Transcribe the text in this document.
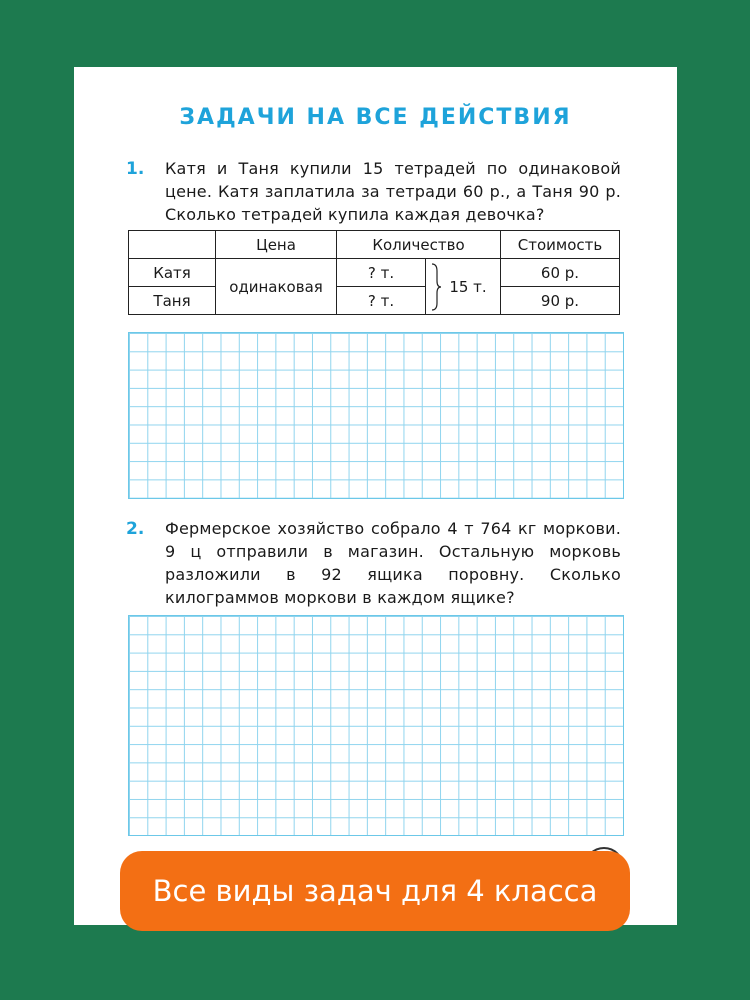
ЗАДАЧИ НА ВСЕ ДЕЙСТВИЯ
1. Катя и Таня купили 15 тетрадей по одинаковой цене. Катя заплатила за тетради 60 р., а Таня 90 р. Сколько тетрадей купила каждая девочка?
	Цена	Количество		Стоимость
Катя	одинаковая	? т.	15 т.	60 р.
Таня		? т.		90 р.
2. Фермерское хозяйство собрало 4 т 764 кг моркови. 9 ц отправили в магазин. Остальную морковь разложили в 92 ящика поровну. Сколько килограммов моркови в каждом ящике?
Все виды задач для 4 класса
